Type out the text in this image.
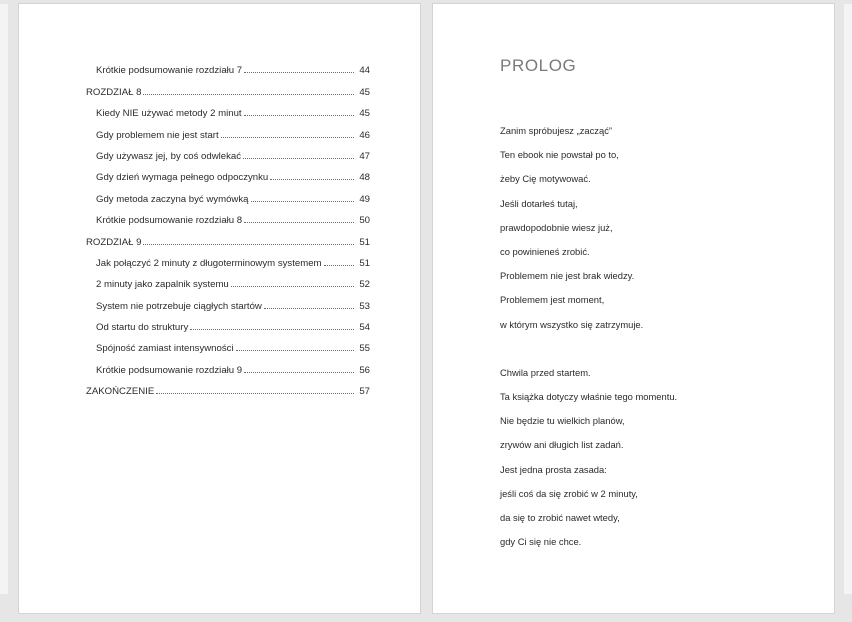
Krótkie podsumowanie rozdziału 7	44
ROZDZIAŁ 8	45
Kiedy NIE używać metody 2 minut	45
Gdy problemem nie jest start	46
Gdy używasz jej, by coś odwlekać	47
Gdy dzień wymaga pełnego odpoczynku	48
Gdy metoda zaczyna być wymówką	49
Krótkie podsumowanie rozdziału 8	50
ROZDZIAŁ 9	51
Jak połączyć 2 minuty z długoterminowym systemem	51
2 minuty jako zapalnik systemu	52
System nie potrzebuje ciągłych startów	53
Od startu do struktury	54
Spójność zamiast intensywności	55
Krótkie podsumowanie rozdziału 9	56
ZAKOŃCZENIE	57
PROLOG
Zanim spróbujesz „zacząć”
Ten ebook nie powstał po to,
żeby Cię motywować.
Jeśli dotarłeś tutaj,
prawdopodobnie wiesz już,
co powinieneś zrobić.
Problemem nie jest brak wiedzy.
Problemem jest moment,
w którym wszystko się zatrzymuje.
Chwila przed startem.
Ta książka dotyczy właśnie tego momentu.
Nie będzie tu wielkich planów,
zrywów ani długich list zadań.
Jest jedna prosta zasada:
jeśli coś da się zrobić w 2 minuty,
da się to zrobić nawet wtedy,
gdy Ci się nie chce.
